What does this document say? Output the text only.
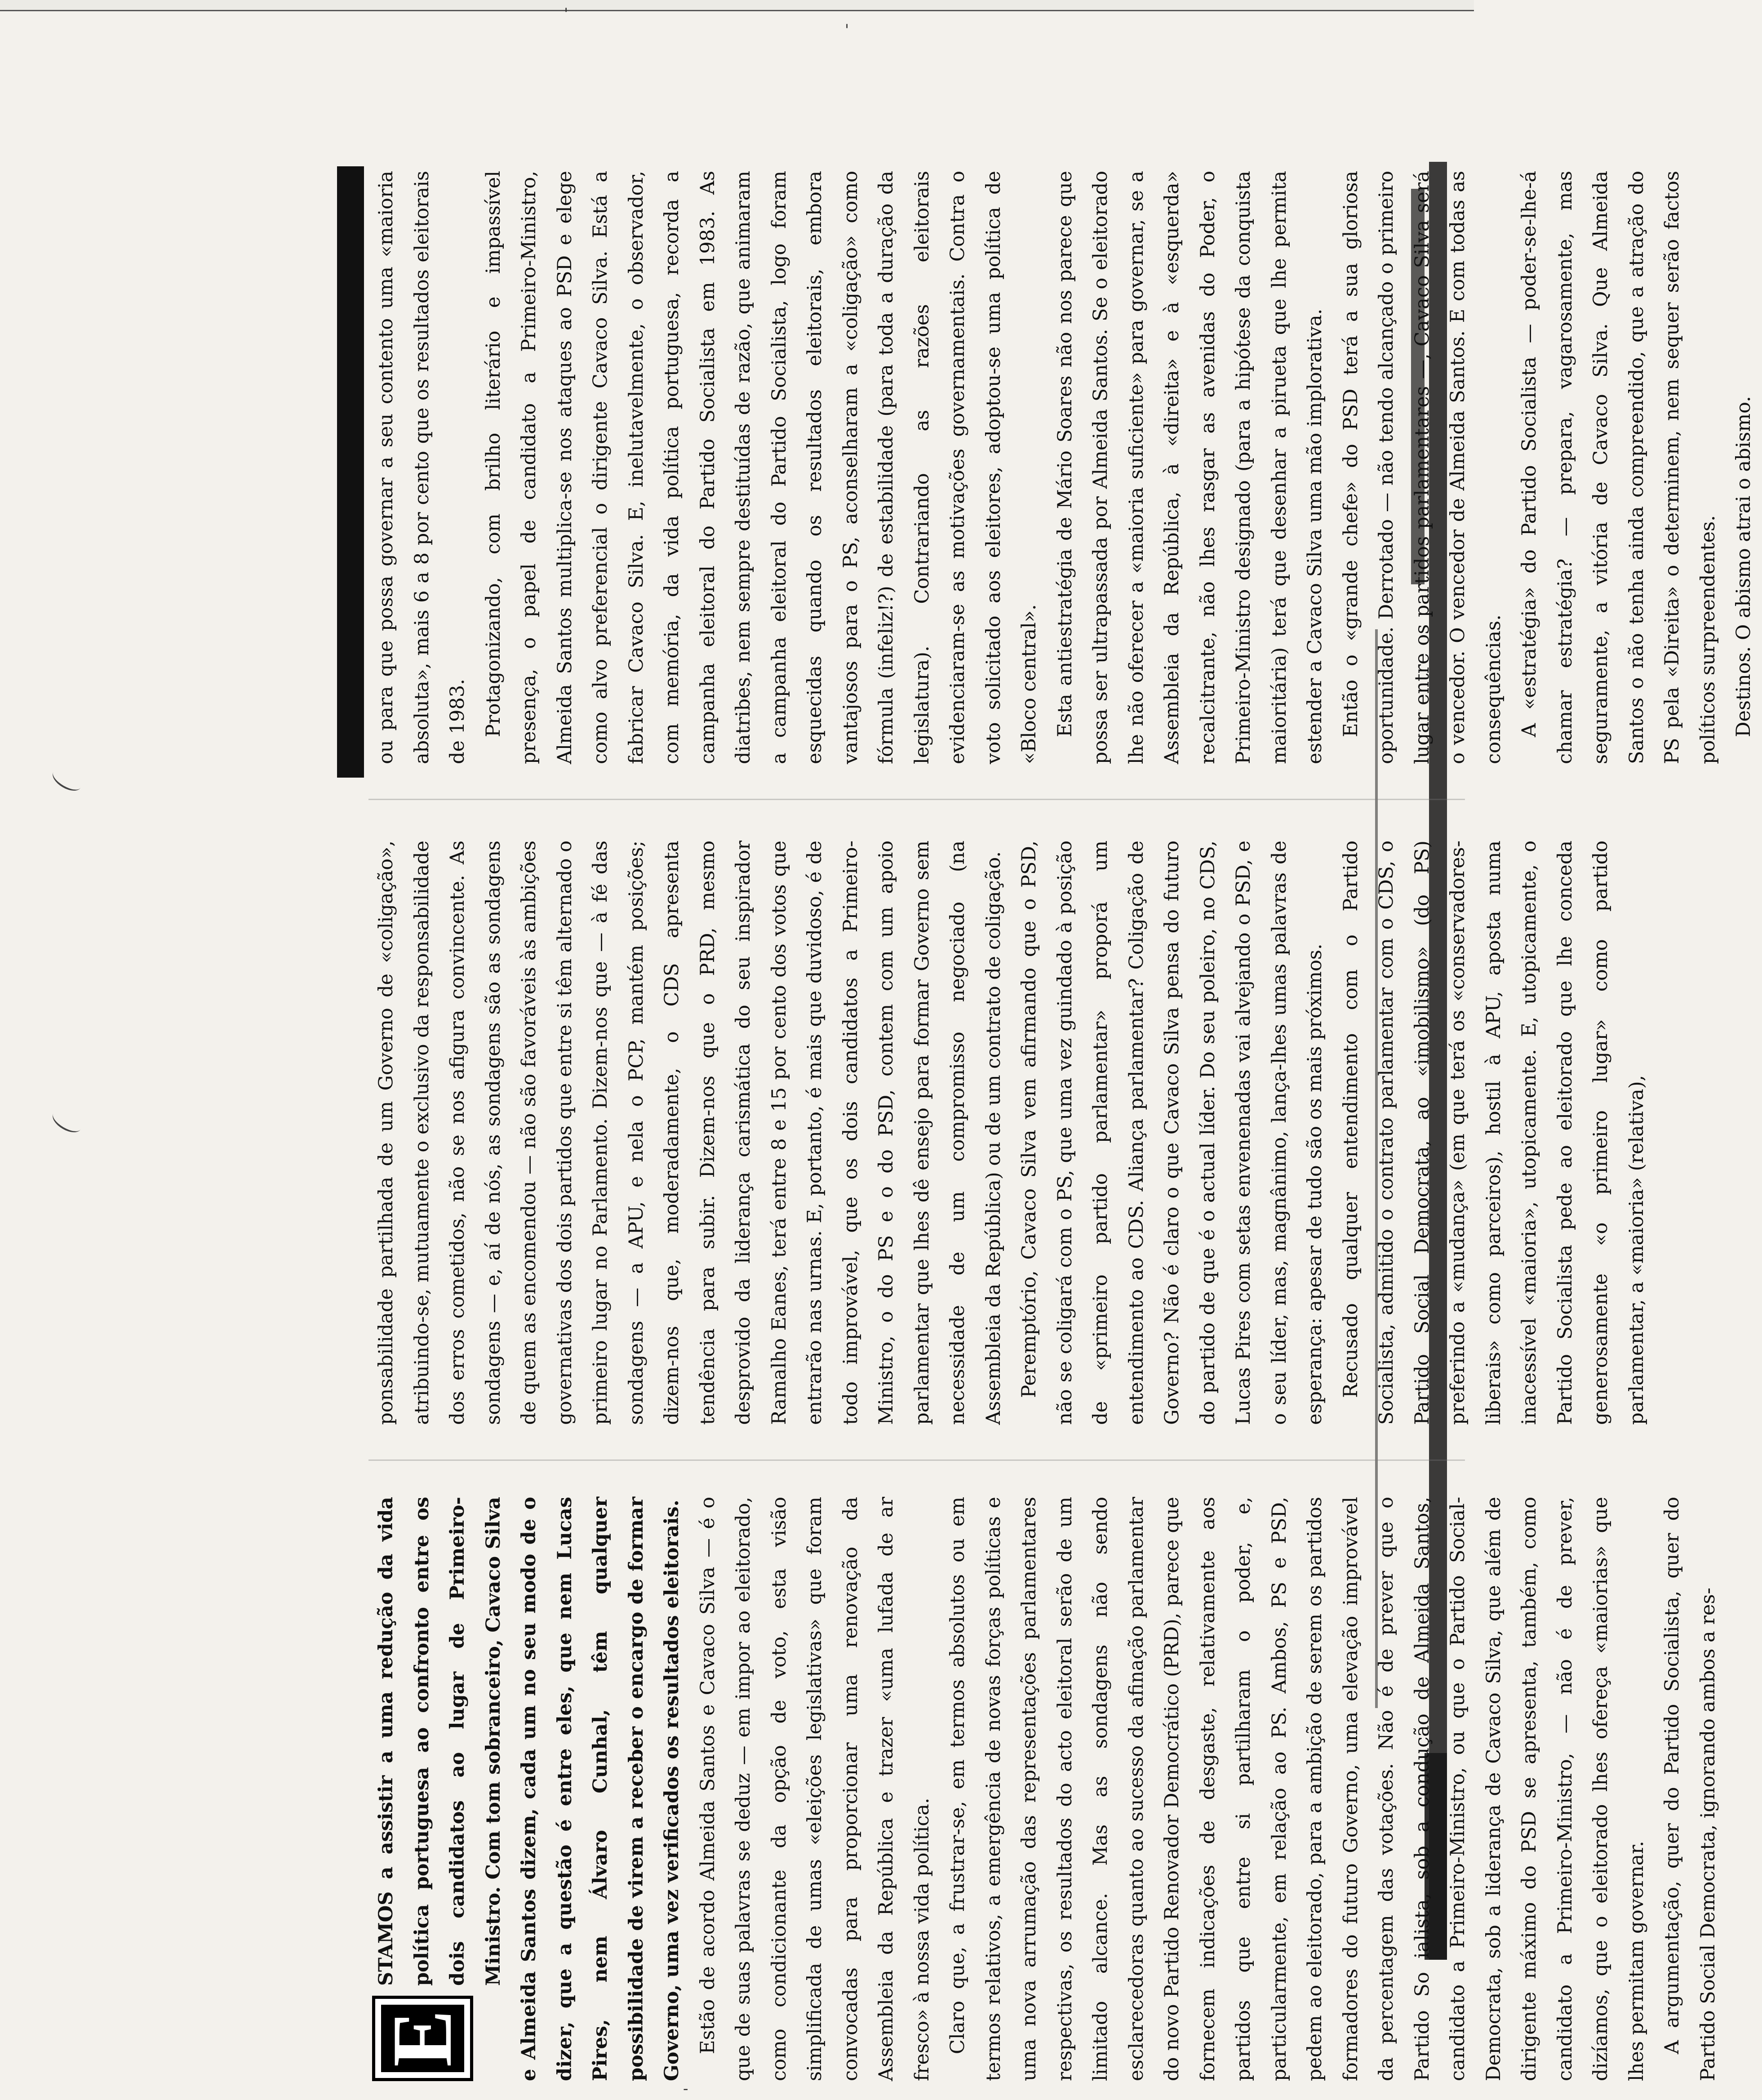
'
'
-
E

STAMOS a assistir a uma redução da vida política portuguesa ao confronto entre os dois candidatos ao lugar de Primeiro-Ministro. Com tom sobranceiro, Cavaco Silva e Almeida Santos dizem, cada um no seu modo de o dizer, que a questão é entre eles, que nem Lucas Pires, nem Álvaro Cunhal, têm qualquer possibilidade de virem a receber o encargo de formar Governo, uma vez verificados os resultados eleitorais. Estão de acordo Almeida Santos e Cavaco Silva — é o que de suas palavras se deduz — em impor ao eleitorado, como condicionante da opção de voto, esta visão simplificada de umas «eleições legislativas» que foram convocadas para proporcionar uma renovação da Assembleia da República e trazer «uma lufada de ar fresco» à nossa vida política. Claro que, a frustrar-se, em termos absolutos ou em termos relativos, a emergência de novas forças políticas e uma nova arrumação das representações parlamentares respectivas, os resultados do acto eleitoral serão de um limitado alcance. Mas as sondagens não sendo esclarecedoras quanto ao sucesso da afinação parlamentar do novo Partido Renovador Democrático (PRD), parece que fornecem indicações de desgaste, relativamente aos partidos que entre si partilharam o poder, e, particularmente, em relação ao PS. Ambos, PS e PSD, pedem ao eleitorado, para a ambição de serem os partidos formadores do futuro Governo, uma elevação improvável da percentagem das votações. Não é de prever que o Partido So ialista, sob a condução de Almeida Santos, candidato a Primeiro-Ministro, ou que o Partido Social-Democrata, sob a liderança de Cavaco Silva, que além de dirigente máximo do PSD se apresenta, também, como candidato a Primeiro-Ministro, — não é de prever, dizíamos, que o eleitorado lhes ofereça «maiorias» que lhes permitam governar. A argumentação, quer do Partido Socialista, quer do Partido Social Democrata, ignorando ambos a res-

ponsabilidade partilhada de um Governo de «coligação», atribuindo-se, mutuamente o exclusivo da responsabilidade dos erros cometidos, não se nos afigura convincente. As sondagens — e, aí de nós, as sondagens são as sondagens de quem as encomendou — não são favoráveis às ambições governativas dos dois partidos que entre si têm alternado o primeiro lugar no Parlamento. Dizem-nos que — à fé das sondagens — a APU, e nela o PCP, mantém posições; dizem-nos que, moderadamente, o CDS apresenta tendência para subir. Dizem-nos que o PRD, mesmo desprovido da liderança carismática do seu inspirador Ramalho Eanes, terá entre 8 e 15 por cento dos votos que entrarão nas urnas. E, portanto, é mais que duvidoso, é de todo improvável, que os dois candidatos a Primeiro-Ministro, o do PS e o do PSD, contem com um apoio parlamentar que lhes dê ensejo para formar Governo sem necessidade de um compromisso negociado (na Assembleia da República) ou de um contrato de coligação. Peremptório, Cavaco Silva vem afirmando que o PSD, não se coligará com o PS, que uma vez guindado à posição de «primeiro partido parlamentar» proporá um entendimento ao CDS. Aliança parlamentar? Coligação de Governo? Não é claro o que Cavaco Silva pensa do futuro do partido de que é o actual líder. Do seu poleiro, no CDS, Lucas Pires com setas envenenadas vai alvejando o PSD, e o seu líder, mas, magnânimo, lança-lhes umas palavras de esperança: apesar de tudo são os mais próximos. Recusado qualquer entendimento com o Partido Socialista, admitido o contrato parlamentar com o CDS, o Partido Social Democrata, ao «imobilismo» (do PS) preferindo a «mudança» (em que terá os «conservadores-liberais» como parceiros), hostil à APU, aposta numa inacessível «maioria», utopicamente. E, utopicamente, o Partido Socialista pede ao eleitorado que lhe conceda generosamente «o primeiro lugar» como partido parlamentar, a «maioria» (relativa),

ou para que possa governar a seu contento uma «maioria absoluta», mais 6 a 8 por cento que os resultados eleitorais de 1983. Protagonizando, com brilho literário e impassível presença, o papel de candidato a Primeiro-Ministro, Almeida Santos multiplica-se nos ataques ao PSD e elege como alvo preferencial o dirigente Cavaco Silva. Está a fabricar Cavaco Silva. E, inelutavelmente, o observador, com memória, da vida política portuguesa, recorda a campanha eleitoral do Partido Socialista em 1983. As diatribes, nem sempre destituídas de razão, que animaram a campanha eleitoral do Partido Socialista, logo foram esquecidas quando os resultados eleitorais, embora vantajosos para o PS, aconselharam a «coligação» como fórmula (infeliz!?) de estabilidade (para toda a duração da legislatura). Contrariando as razões eleitorais evidenciaram-se as motivações governamentais. Contra o voto solicitado aos eleitores, adoptou-se uma política de «Bloco central». Esta antiestratégia de Mário Soares não nos parece que possa ser ultrapassada por Almeida Santos. Se o eleitorado lhe não oferecer a «maioria suficiente» para governar, se a Assembleia da República, à «direita» e à «esquerda» recalcitrante, não lhes rasgar as avenidas do Poder, o Primeiro-Ministro designado (para a hipótese da conquista maioritária) terá que desenhar a pirueta que lhe permita estender a Cavaco Silva uma mão implorativa. Então o «grande chefe» do PSD terá a sua gloriosa oportunidade. Derrotado — não tendo alcançado o primeiro lugar entre os partidos parlamentares —, Cavaco Silva será o vencedor. O vencedor de Almeida Santos. E com todas as consequências. A «estratégia» do Partido Socialista — poder-se-lhe-á chamar estratégia? — prepara, vagarosamente, mas seguramente, a vitória de Cavaco Silva. Que Almeida Santos o não tenha ainda compreendido, que a atração do PS pela «Direita» o determinem, nem sequer serão factos políticos surpreendentes. Destinos. O abismo atrai o abismo.
